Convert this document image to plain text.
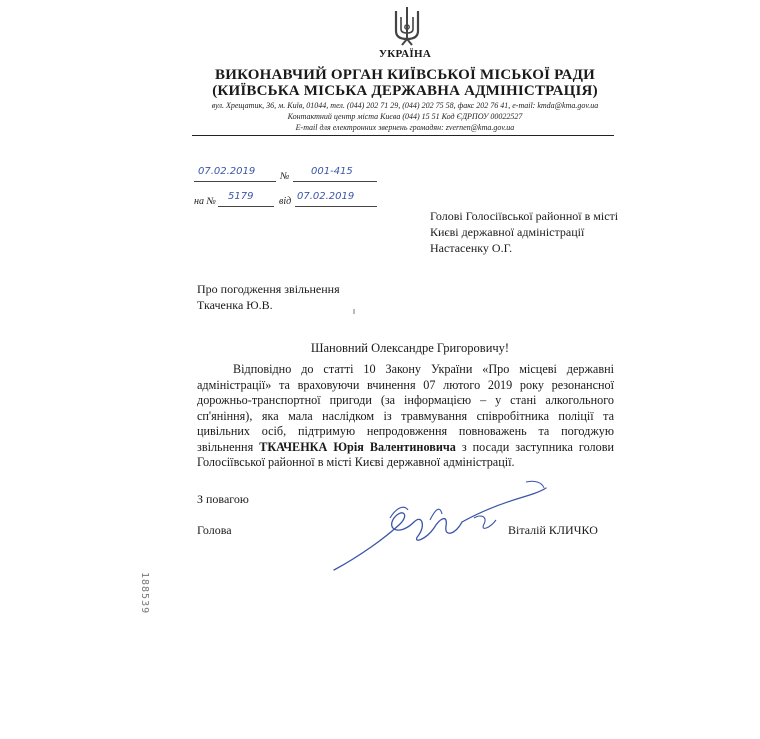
УКРАЇНА
ВИКОНАВЧИЙ ОРГАН КИЇВСЬКОЇ МІСЬКОЇ РАДИ
(КИЇВСЬКА МІСЬКА ДЕРЖАВНА АДМІНІСТРАЦІЯ)
вул. Хрещатик, 36, м. Київ, 01044, тел. (044) 202 71 29, (044) 202 75 58, факс 202 76 41, e-mail: kmda@kma.gov.ua
Контактний центр міста Києва (044) 15 51 Код ЄДРПОУ 00022527
E-mail для електронних звернень громадян: zvernen@kma.gov.ua
07.02.2019 № 001-415
на № 5179	від 07.02.2019
Голові Голосіївської районної в місті
Києві державної адміністрації
Настасенку О.Г.
Про погодження звільнення
Ткаченка Ю.В.
Шановний Олександре Григоровичу!
Відповідно до статті 10 Закону України «Про місцеві державні адміністрації» та враховуючи вчинення 07 лютого 2019 року резонансної дорожньо-транспортної пригоди (за інформацією – у стані алкогольного сп'яніння), яка мала наслідком із травмування співробітника поліції та цивільних осіб, підтримую непродовження повноважень та погоджую звільнення ТКАЧЕНКА Юрія Валентиновича з посади заступника голови Голосіївської районної в місті Києві державної адміністрації.
З повагою
Голова	Віталій КЛИЧКО
188539
